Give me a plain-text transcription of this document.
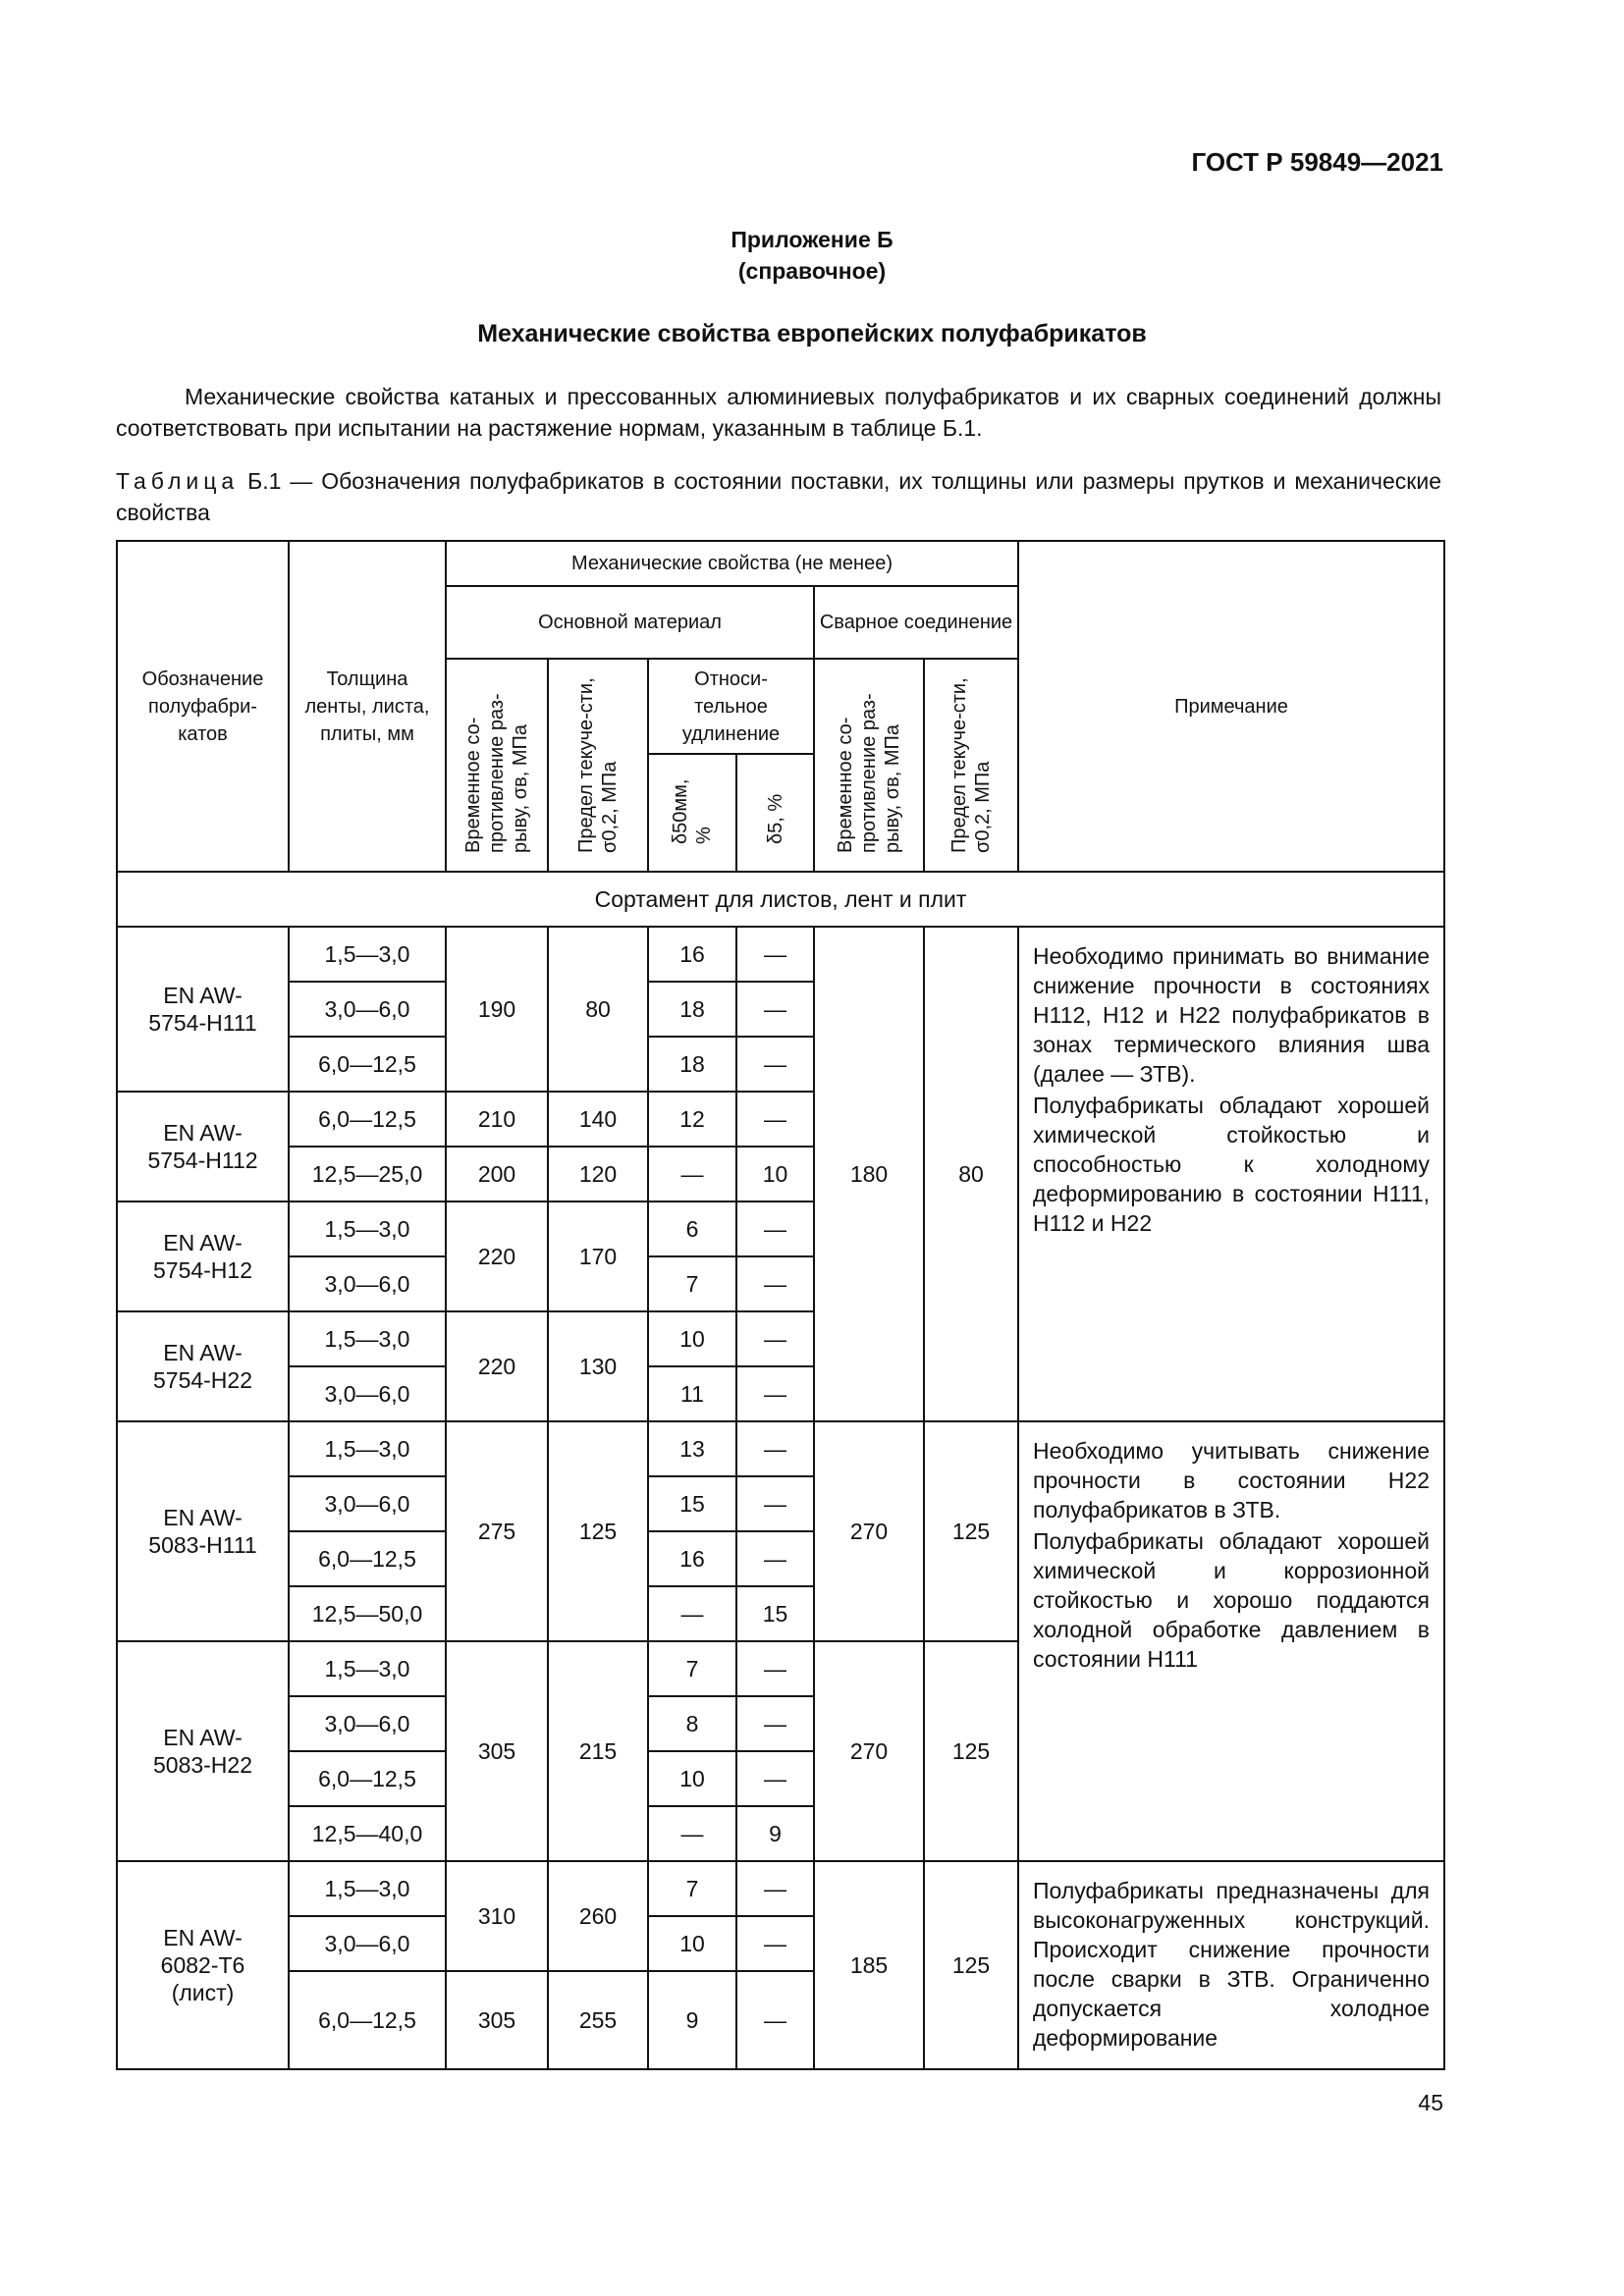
ГОСТ Р 59849—2021
Приложение Б
(справочное)
Механические свойства европейских полуфабрикатов
Механические свойства катаных и прессованных алюминиевых полуфабрикатов и их сварных соединений должны соответствовать при испытании на растяжение нормам, указанным в таблице Б.1.
Таблица Б.1 — Обозначения полуфабрикатов в состоянии поставки, их толщины или размеры прутков и механические свойства
Обозначение полуфабри-катов	Толщина ленты, листа, плиты, мм	Механические свойства (не менее)						Примечание
		Основной материал				Сварное соединение		
		Временное со-противление раз-рыву, σв, МПа	Предел текуче-сти, σ0,2, МПа	Относи-тельное удлинение		Временное со-противление раз-рыву, σв, МПа	Предел текуче-сти, σ0,2, МПа	
				δ50мм, %	δ5, %			

Сортамент для листов, лент и плит								
EN AW-5754-H111	1,5—3,0	190	80	16	—	180	80	Необходимо принимать во внимание снижение прочности в состояниях H112, H12 и H22 полуфабрикатов в зонах термического влияния шва (далее — ЗТВ).

Полуфабрикаты обладают хорошей химической стойкостью и способностью к холодному деформированию в состоянии H111, H112 и H22

	3,0—6,0			18	—			
	6,0—12,5			18	—			
EN AW-5754-H112	6,0—12,5	210	140	12	—			
	12,5—25,0	200	120	—	10			
EN AW-5754-H12	1,5—3,0	220	170	6	—			
	3,0—6,0			7	—			
EN AW-5754-H22	1,5—3,0	220	130	10	—			
	3,0—6,0			11	—			
EN AW-5083-H111	1,5—3,0	275	125	13	—	270	125	Необходимо учитывать снижение прочности в состоянии H22 полуфабрикатов в ЗТВ.

Полуфабрикаты обладают хорошей химической и коррозионной стойкостью и хорошо поддаются холодной обработке давлением в состоянии H111

	3,0—6,0			15	—			
	6,0—12,5			16	—			
	12,5—50,0			—	15			
EN AW-5083-H22	1,5—3,0	305	215	7	—	270	125	
	3,0—6,0			8	—			
	6,0—12,5			10	—			
	12,5—40,0			—	9			
EN AW-6082-T6 (лист)	1,5—3,0	310	260	7	—	185	125	Полуфабрикаты предназначены для высоконагруженных конструкций. Происходит снижение прочности после сварки в ЗТВ. Ограниченно допускается холодное деформирование

	3,0—6,0			10	—			
	6,0—12,5	305	255	9	—			
45
